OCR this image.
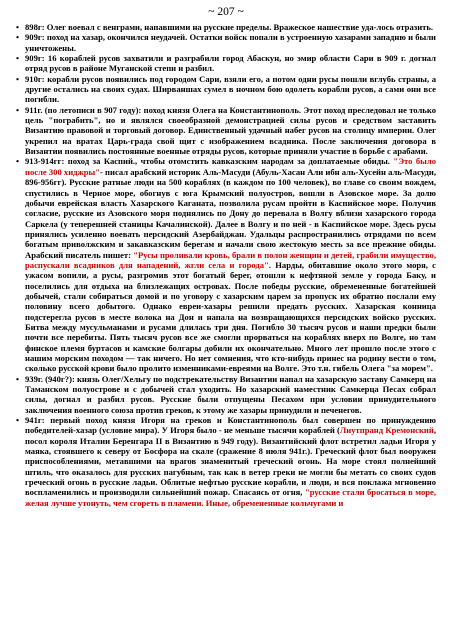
~ 207 ~
• 898г: Олег воевал с венграми, напавшими на русские пределы. Вражеское нашествие уда-лось отразить.
• 909г: поход на хазар, окончился неудачей. Остатки войск попали в устроенную хазарами западню и были уничтожены.
• 909г: 16 кораблей русов захватили и разграбили город Абаскун, но эмир области Сари в 909 г. догнал отряд русов в районе Муганской степи и разбил.
• 910г: корабли русов появились под городом Сари, взяли его, а потом одни русы пошли вглубь страны, а другие остались на своих судах. Ширваншах сумел в ночном бою одолеть корабли русов, а сами они все погибли.
• 911г. (по летописи в 907 году): поход князя Олега на Константинополь. Этот поход преследовал не только цель "пограбить", но и являлся своеобразной демонстрацией силы русов и средством заставить Византию правовой и торговый договор. Единственный удачный набег русов на столицу империи. Олег укрепил на вратах Царь-града свой щит с изображением всадника. После заключения договора в Византии появились постоянные военные отряды русов, которые приняли участие в борьбе с арабами.
• 913-914гг: поход за Каспий., чтобы отомстить кавказским народам за доплатаемые обиды. "Это было после 300 хиджры"- писал арабский историк Аль-Масуди (Абуль-Хасан Али ибн аль-Хусейн аль-Масуди, 896-956гг). Русские ратные люди на 500 кораблях (в каждом по 100 человек), во главе со своим вождем, спустились в Черное море, обогнув с юга Крымский полуостров, вошли в Азовское море. За долю добычи еврейская власть Хазарского Каганата, позволила русам пройти в Каспийское море. Получив согласие, русские из Азовского моря поднялись по Дону до перевала в Волгу вблизи хазарского города Саркела (у теперешней станицы Качалинской). Далее в Волгу и по ней - в Каспийское море. Здесь русы принялись усиленно воевать персидский Азербайджан. Удальцы распространились отрядами по всем богатым приволжским и закавказским берегам и начали свою жестокую месть за все прежние обиды. Арабский писатель пишет: "Русы проливали кровь, брали в полон женщин и детей, грабили имущество, распускали всадников для нападений, жгли села и города". Нарды, обитавшие около этого моря, с ужасом вопили, а русы, разгромив этот богатый берег, отошли к нефтяной земле у города Баку, и поселились для отдыха на близлежащих островах. После победы русские, обремененные богатейшей добычей, стали собираться домой и по уговору с хазарским царем за пропуск их обратно послали ему половину всего добытого. Однако евреи-хазары решили предать русских. Хазарская конница подстерегла русов в месте волока на Дон и напала на возвращающихся персидских войско русских. Битва между мусульманами и русами длилась три дня. Погибло 30 тысяч русов и наши предки были почти все перебиты. Пять тысяч русов все же смогли прорваться на кораблях вверх по Волге, но там финское племя буртасов и камские болгары добили их окончательно. Много лет прошло после этого с нашим морским походом — так ничего. Но нет сомнения, что кто-нибудь принес на родину вести о том, сколько русской крови было пролито изменниками-евреями на Волге. Это т.н. гибель Олега "за морем".
• 939г. (940г?): князь Олег/Хельгу по подстрекательству Византии напал на хазарскую заставу Самкерц на Таманском полуострове и с добычей стал уходить. Но хазарский наместник Самкерца Песах собрал силы, догнал и разбил русов. Русские были отпущены Песахом при условии принудительного заключения военного союза против греков, к этому же хазары принудили и печенегов.
• 941г: первый поход князя Игоря на греков и Константинополь был совершен по принуждению победителей-хазар (условие мира). У Игоря было - не меньше тысячи кораблей (Лиутпранд Кремонский, посол короля Италии Беренгара II в Византию в 949 году). Византийский флот встретил ладьи Игоря у маяка, стоявшего к северу от Босфора на скале (сражение 8 июля 941г.). Греческий флот был вооружен приспособлениями, метавшими на врагов знаменитый греческий огонь. На море стоял полнейший штиль, что оказалось для русских пагубным, так как в ветер греки не могли бы метать со своих судов греческий огонь в русские ладьи. Облитые нефтью русские корабли, и люди, и вся поклажа мгновенно воспламенились и производили сильнейший пожар. Спасаясь от огня, "русские стали бросаться в море, желая лучше утонуть, чем сгореть в пламени. Иные, обремененные кольчугами и
